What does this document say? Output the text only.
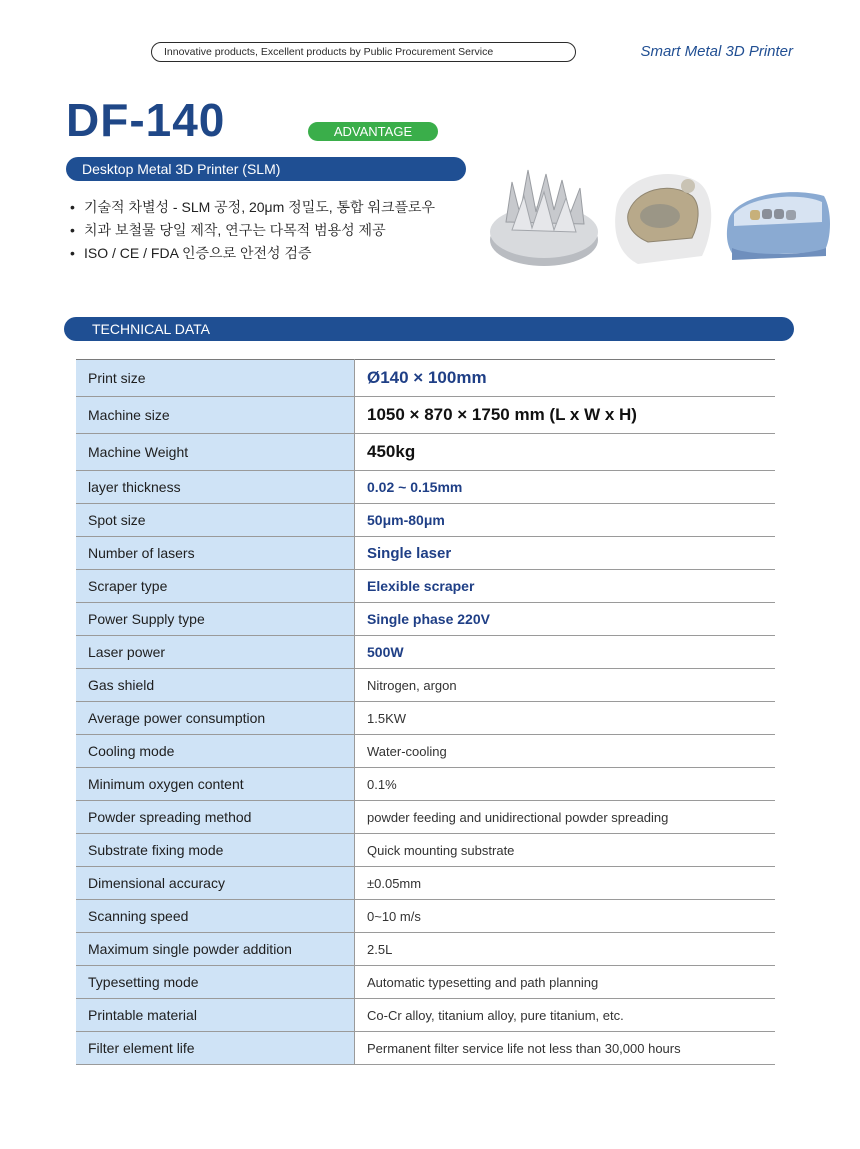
Innovative products, Excellent products by Public Procurement Service	Smart Metal 3D Printer
DF-140	ADVANTAGE
Desktop Metal 3D Printer (SLM)
• 기술적 차별성 - SLM 공정, 20μm 정밀도, 통합 워크플로우
• 치과 보철물 당일 제작, 연구는 다목적 범용성 제공
• ISO / CE / FDA 인증으로 안전성 검증
TECHNICAL DATA
Print size	Ø140 × 100mm
Machine size	1050 × 870 × 1750 mm (L x W x H)
Machine Weight	450kg
layer thickness	0.02 ~ 0.15mm
Spot size	50μm-80μm
Number of lasers	Single laser
Scraper type	Elexible scraper
Power Supply type	Single phase 220V
Laser power	500W
Gas shield	Nitrogen, argon
Average power consumption	1.5KW
Cooling mode	Water-cooling
Minimum oxygen content	0.1%
Powder spreading method	powder feeding and unidirectional powder spreading
Substrate fixing mode	Quick mounting substrate
Dimensional accuracy	±0.05mm
Scanning speed	0~10 m/s
Maximum single powder addition	2.5L
Typesetting mode	Automatic typesetting and path planning
Printable material	Co-Cr alloy, titanium alloy, pure titanium, etc.
Filter element life	Permanent filter service life not less than 30,000 hours
